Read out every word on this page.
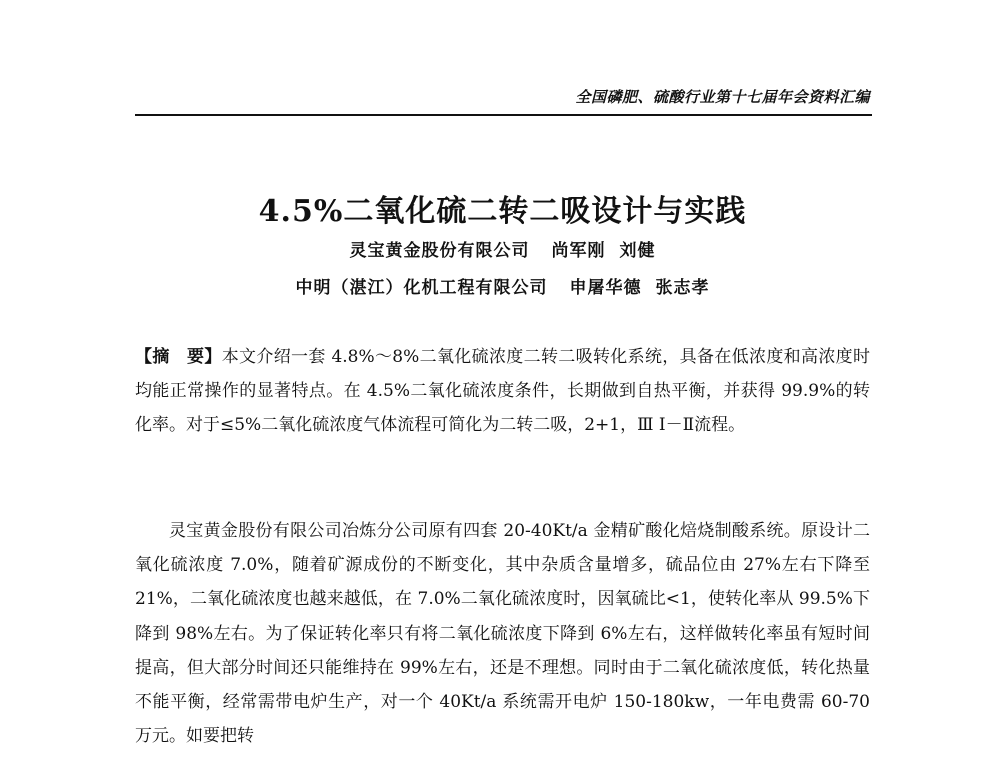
全国磷肥、硫酸行业第十七届年会资料汇编
4.5%二氧化硫二转二吸设计与实践
灵宝黄金股份有限公司 尚军刚 刘健
中明（湛江）化机工程有限公司 申屠华德 张志孝
【摘　要】本文介绍一套 4.8%～8%二氧化硫浓度二转二吸转化系统，具备在低浓度和高浓度时均能正常操作的显著特点。在 4.5%二氧化硫浓度条件，长期做到自热平衡，并获得 99.9%的转化率。对于≤5%二氧化硫浓度气体流程可简化为二转二吸，2+1，Ⅲ Ⅰ－Ⅱ流程。
灵宝黄金股份有限公司冶炼分公司原有四套 20-40Kt/a 金精矿酸化焙烧制酸系统。原设计二氧化硫浓度 7.0%，随着矿源成份的不断变化，其中杂质含量增多，硫品位由 27%左右下降至 21%，二氧化硫浓度也越来越低，在 7.0%二氧化硫浓度时，因氧硫比<1，使转化率从 99.5%下降到 98%左右。为了保证转化率只有将二氧化硫浓度下降到 6%左右，这样做转化率虽有短时间提高，但大部分时间还只能维持在 99%左右，还是不理想。同时由于二氧化硫浓度低，转化热量不能平衡，经常需带电炉生产，对一个 40Kt/a 系统需开电炉 150-180kw，一年电费需 60-70 万元。如要把转
